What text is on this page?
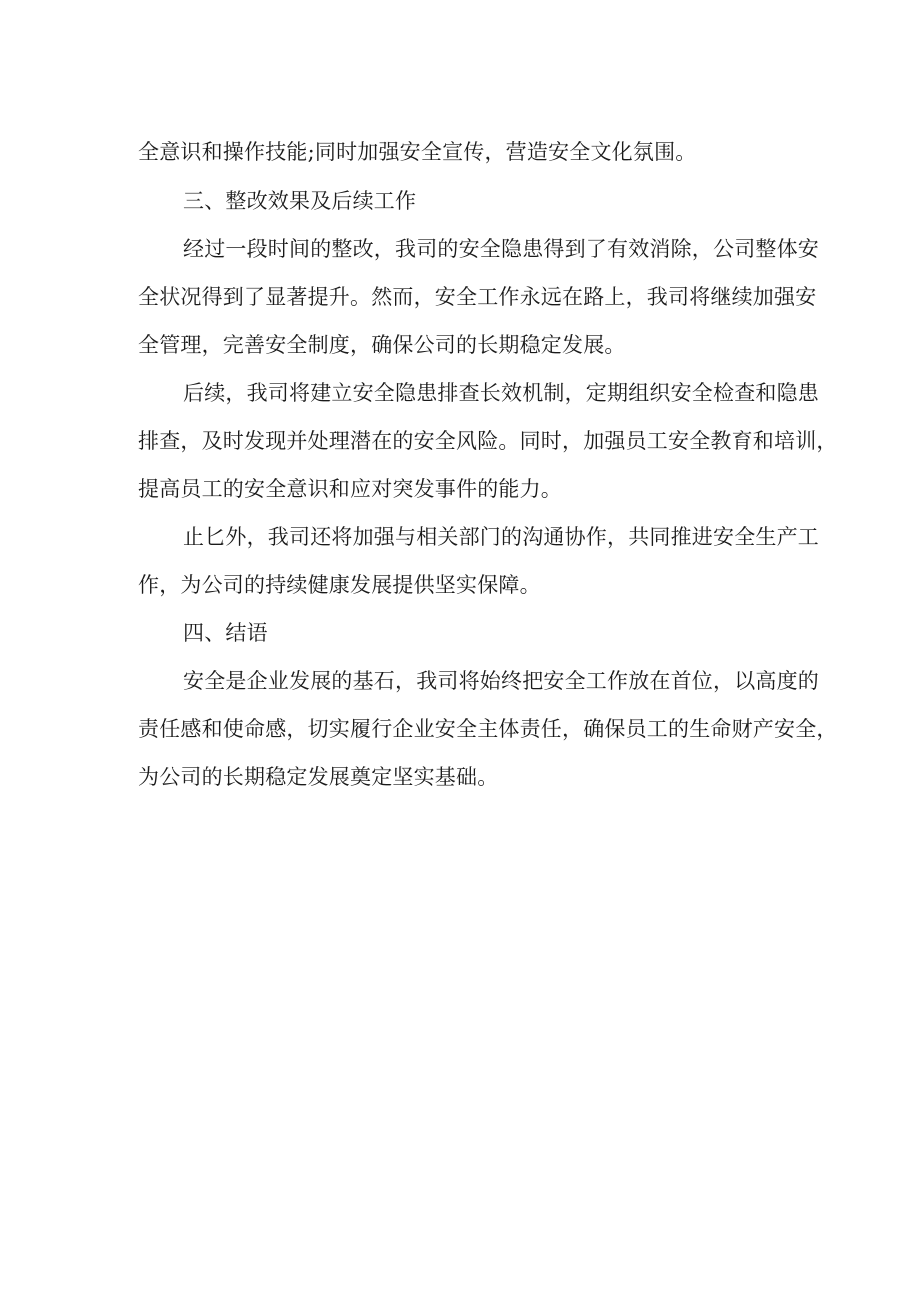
全意识和操作技能;同时加强安全宣传，营造安全文化氛围。

三、整改效果及后续工作

经过一段时间的整改，我司的安全隐患得到了有效消除，公司整体安

全状况得到了显著提升。然而，安全工作永远在路上，我司将继续加强安

全管理，完善安全制度，确保公司的长期稳定发展。

后续，我司将建立安全隐患排查长效机制，定期组织安全检查和隐患

排查，及时发现并处理潜在的安全风险。同时，加强员工安全教育和培训，

提高员工的安全意识和应对突发事件的能力。

止匕外，我司还将加强与相关部门的沟通协作，共同推进安全生产工

作，为公司的持续健康发展提供坚实保障。

四、结语

安全是企业发展的基石，我司将始终把安全工作放在首位，以高度的

责任感和使命感，切实履行企业安全主体责任，确保员工的生命财产安全，

为公司的长期稳定发展奠定坚实基础。
